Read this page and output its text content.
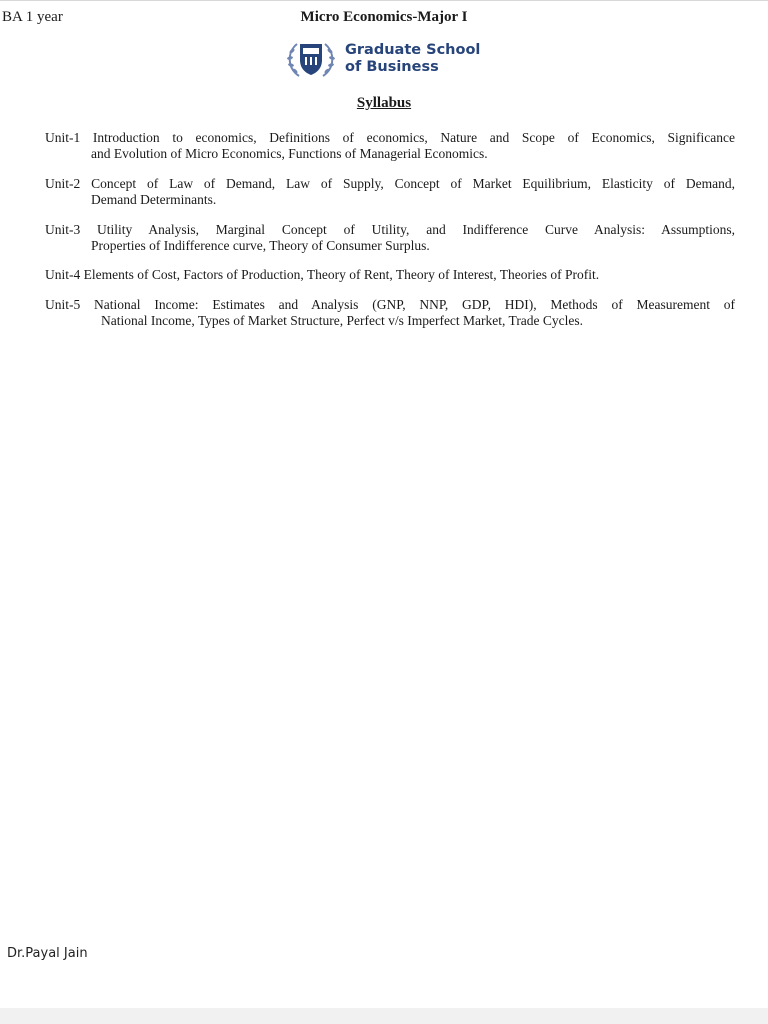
BA 1 year	Micro Economics-Major I
Graduate School
of Business
Syllabus
Unit-1 Introduction to economics, Definitions of economics, Nature and Scope of Economics, Significance
and Evolution of Micro Economics, Functions of Managerial Economics.
Unit-2 Concept of Law of Demand, Law of Supply, Concept of Market Equilibrium, Elasticity of Demand,
Demand Determinants.
Unit-3 Utility Analysis, Marginal Concept of Utility, and Indifference Curve Analysis: Assumptions,
Properties of Indifference curve, Theory of Consumer Surplus.
Unit-4 Elements of Cost, Factors of Production, Theory of Rent, Theory of Interest, Theories of Profit.
Unit-5 National Income: Estimates and Analysis (GNP, NNP, GDP, HDI), Methods of Measurement of
National Income, Types of Market Structure, Perfect v/s Imperfect Market, Trade Cycles.
Dr.Payal Jain
